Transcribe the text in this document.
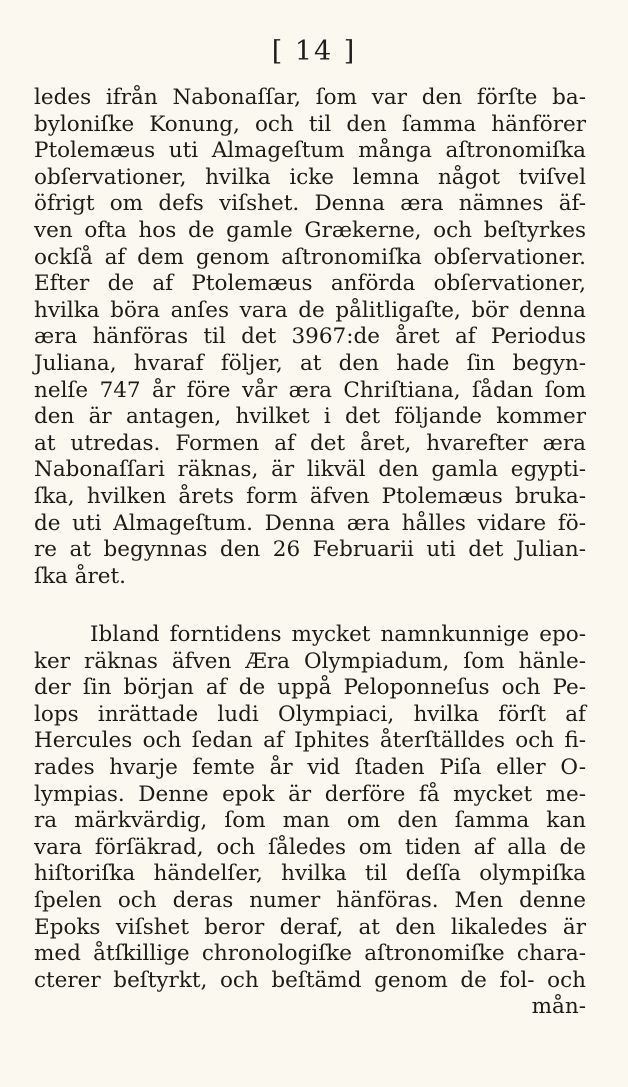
[ 14 ]
ledes ifrån Nabonaſſar, ſom var den förſte ba-
byloniſke Konung, och til den ſamma hänförer
Ptolemæus uti Almageſtum många aſtronomiſka
obſervationer, hvilka icke lemna något tviſvel
öfrigt om defs viſshet. Denna æra nämnes äf-
ven ofta hos de gamle Grækerne, och beſtyrkes
ockſå af dem genom aſtronomiſka obſervationer.
Efter de af Ptolemæus anförda obſervationer,
hvilka böra anſes vara de pålitligaſte, bör denna
æra hänföras til det 3967:de året af Periodus
Juliana, hvaraf följer, at den hade ſin begyn-
nelſe 747 år före vår æra Chriſtiana, ſådan ſom
den är antagen, hvilket i det följande kommer
at utredas. Formen af det året, hvarefter æra
Nabonaſſari räknas, är likväl den gamla egypti-
ſka, hvilken årets form äfven Ptolemæus bruka-
de uti Almageſtum. Denna æra hålles vidare fö-
re at begynnas den 26 Februarii uti det Julian-
ſka året.
Ibland forntidens mycket namnkunnige epo-
ker räknas äfven Æra Olympiadum, ſom hänle-
der ſin början af de uppå Peloponneſus och Pe-
lops inrättade ludi Olympiaci, hvilka förſt af
Hercules och ſedan af Iphites återſtälldes och fi-
rades hvarje femte år vid ſtaden Piſa eller O-
lympias. Denne epok är derföre få mycket me-
ra märkvärdig, ſom man om den ſamma kan
vara förſäkrad, och ſåledes om tiden af alla de
hiſtoriſka händelſer, hvilka til deſſa olympiſka
ſpelen och deras numer hänföras. Men denne
Epoks viſshet beror deraf, at den likaledes är
med åtſkillige chronologiſke aſtronomiſke chara-
cterer beſtyrkt, och beſtämd genom de fol- och
mån-
